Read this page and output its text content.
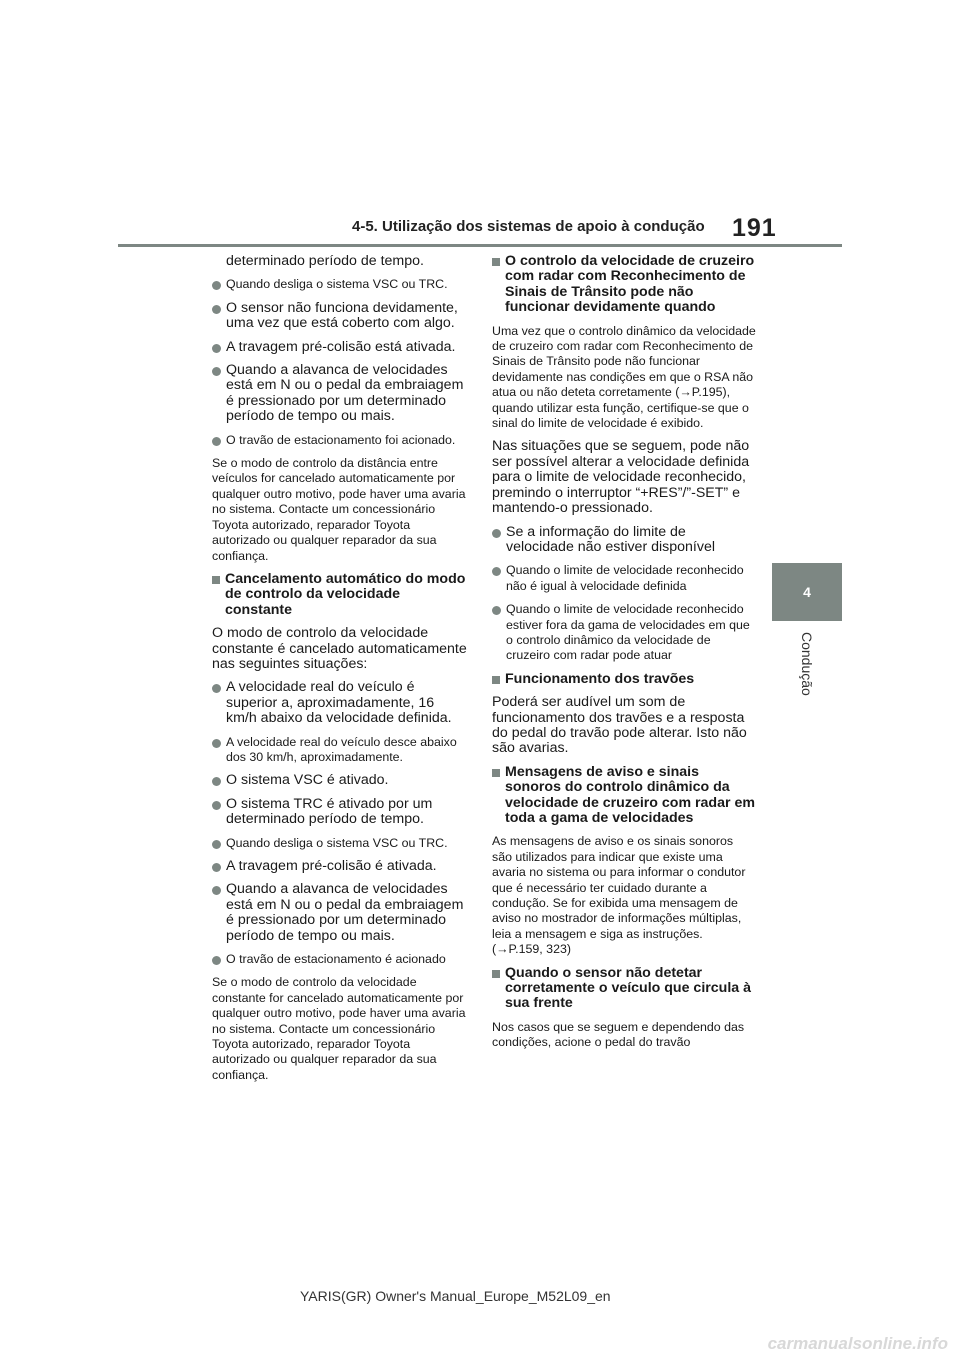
4-5. Utilização dos sistemas de apoio à condução 191
4
Condução
determinado período de tempo.
Quando desliga o sistema VSC ou TRC.
O sensor não funciona devidamente, uma vez que está coberto com algo.
A travagem pré-colisão está ativada.
Quando a alavanca de velocidades está em N ou o pedal da embraiagem é pressionado por um determinado período de tempo ou mais.
O travão de estacionamento foi acionado.
Se o modo de controlo da distância entre veículos for cancelado automaticamente por qualquer outro motivo, pode haver uma avaria no sistema. Contacte um concessionário Toyota autorizado, reparador Toyota autorizado ou qualquer reparador da sua confiança.
Cancelamento automático do modo de controlo da velocidade constante
O modo de controlo da velocidade constante é cancelado automaticamente nas seguintes situações:
A velocidade real do veículo é superior a, aproximadamente, 16 km/h abaixo da velocidade definida.
A velocidade real do veículo desce abaixo dos 30 km/h, aproximadamente.
O sistema VSC é ativado.
O sistema TRC é ativado por um determinado período de tempo.
Quando desliga o sistema VSC ou TRC.
A travagem pré-colisão é ativada.
Quando a alavanca de velocidades está em N ou o pedal da embraiagem é pressionado por um determinado período de tempo ou mais.
O travão de estacionamento é acionado
Se o modo de controlo da velocidade constante for cancelado automaticamente por qualquer outro motivo, pode haver uma avaria no sistema. Contacte um concessionário Toyota autorizado, reparador Toyota autorizado ou qualquer reparador da sua confiança.
O controlo da velocidade de cruzeiro com radar com Reconhecimento de Sinais de Trânsito pode não funcionar devidamente quando
Uma vez que o controlo dinâmico da velocidade de cruzeiro com radar com Reconhecimento de Sinais de Trânsito pode não funcionar devidamente nas condições em que o RSA não atua ou não deteta corretamente (→P.195), quando utilizar esta função, certifique-se que o sinal do limite de velocidade é exibido.
Nas situações que se seguem, pode não ser possível alterar a velocidade definida para o limite de velocidade reconhecido, premindo o interruptor “+RES”/”-SET” e mantendo-o pressionado.
Se a informação do limite de velocidade não estiver disponível
Quando o limite de velocidade reconhecido não é igual à velocidade definida
Quando o limite de velocidade reconhecido estiver fora da gama de velocidades em que o controlo dinâmico da velocidade de cruzeiro com radar pode atuar
Funcionamento dos travões
Poderá ser audível um som de funcionamento dos travões e a resposta do pedal do travão pode alterar. Isto não são avarias.
Mensagens de aviso e sinais sonoros do controlo dinâmico da velocidade de cruzeiro com radar em toda a gama de velocidades
As mensagens de aviso e os sinais sonoros são utilizados para indicar que existe uma avaria no sistema ou para informar o condutor que é necessário ter cuidado durante a condução. Se for exibida uma mensagem de aviso no mostrador de informações múltiplas, leia a mensagem e siga as instruções. (→P.159, 323)
Quando o sensor não detetar corretamente o veículo que circula à sua frente
Nos casos que se seguem e dependendo das condições, acione o pedal do travão
YARIS(GR) Owner's Manual_Europe_M52L09_en
carmanualsonline.info
